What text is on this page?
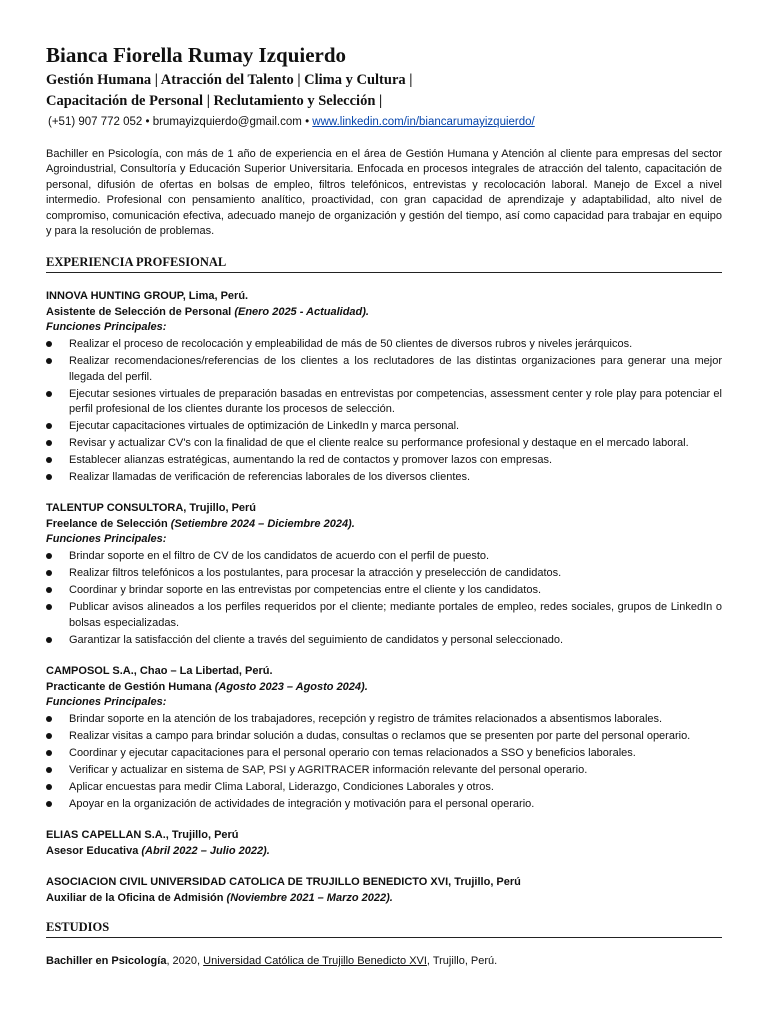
Bianca Fiorella Rumay Izquierdo
Gestión Humana | Atracción del Talento | Clima y Cultura |
Capacitación de Personal | Reclutamiento y Selección |
(+51) 907 772 052 • brumayizquierdo@gmail.com • www.linkedin.com/in/biancarumayizquierdo/

Bachiller en Psicología, con más de 1 año de experiencia en el área de Gestión Humana y Atención al cliente para empresas del sector Agroindustrial, Consultoría y Educación Superior Universitaria. Enfocada en procesos integrales de atracción del talento, capacitación de personal, difusión de ofertas en bolsas de empleo, filtros telefónicos, entrevistas y recolocación laboral. Manejo de Excel a nivel intermedio. Profesional con pensamiento analítico, proactividad, con gran capacidad de aprendizaje y adaptabilidad, alto nivel de compromiso, comunicación efectiva, adecuado manejo de organización y gestión del tiempo, así como capacidad para trabajar en equipo y para la resolución de problemas.

EXPERIENCIA PROFESIONAL
INNOVA HUNTING GROUP, Lima, Perú.
Asistente de Selección de Personal (Enero 2025 - Actualidad).
Funciones Principales:
Realizar el proceso de recolocación y empleabilidad de más de 50 clientes de diversos rubros y niveles jerárquicos.
Realizar recomendaciones/referencias de los clientes a los reclutadores de las distintas organizaciones para generar una mejor llegada del perfil.
Ejecutar sesiones virtuales de preparación basadas en entrevistas por competencias, assessment center y role play para potenciar el perfil profesional de los clientes durante los procesos de selección.
Ejecutar capacitaciones virtuales de optimización de LinkedIn y marca personal.
Revisar y actualizar CV's con la finalidad de que el cliente realce su performance profesional y destaque en el mercado laboral.
Establecer alianzas estratégicas, aumentando la red de contactos y promover lazos con empresas.
Realizar llamadas de verificación de referencias laborales de los diversos clientes.
TALENTUP CONSULTORA, Trujillo, Perú
Freelance de Selección (Setiembre 2024 – Diciembre 2024).
Funciones Principales:
Brindar soporte en el filtro de CV de los candidatos de acuerdo con el perfil de puesto.
Realizar filtros telefónicos a los postulantes, para procesar la atracción y preselección de candidatos.
Coordinar y brindar soporte en las entrevistas por competencias entre el cliente y los candidatos.
Publicar avisos alineados a los perfiles requeridos por el cliente; mediante portales de empleo, redes sociales, grupos de LinkedIn o bolsas especializadas.
Garantizar la satisfacción del cliente a través del seguimiento de candidatos y personal seleccionado.
CAMPOSOL S.A., Chao – La Libertad, Perú.
Practicante de Gestión Humana (Agosto 2023 – Agosto 2024).
Funciones Principales:
Brindar soporte en la atención de los trabajadores, recepción y registro de trámites relacionados a absentismos laborales.
Realizar visitas a campo para brindar solución a dudas, consultas o reclamos que se presenten por parte del personal operario.
Coordinar y ejecutar capacitaciones para el personal operario con temas relacionados a SSO y beneficios laborales.
Verificar y actualizar en sistema de SAP, PSI y AGRITRACER información relevante del personal operario.
Aplicar encuestas para medir Clima Laboral, Liderazgo, Condiciones Laborales y otros.
Apoyar en la organización de actividades de integración y motivación para el personal operario.
ELIAS CAPELLAN S.A., Trujillo, Perú
Asesor Educativa (Abril 2022 – Julio 2022).
ASOCIACION CIVIL UNIVERSIDAD CATOLICA DE TRUJILLO BENEDICTO XVI, Trujillo, Perú
Auxiliar de la Oficina de Admisión (Noviembre 2021 – Marzo 2022).
ESTUDIOS
Bachiller en Psicología, 2020, Universidad Católica de Trujillo Benedicto XVI, Trujillo, Perú.
